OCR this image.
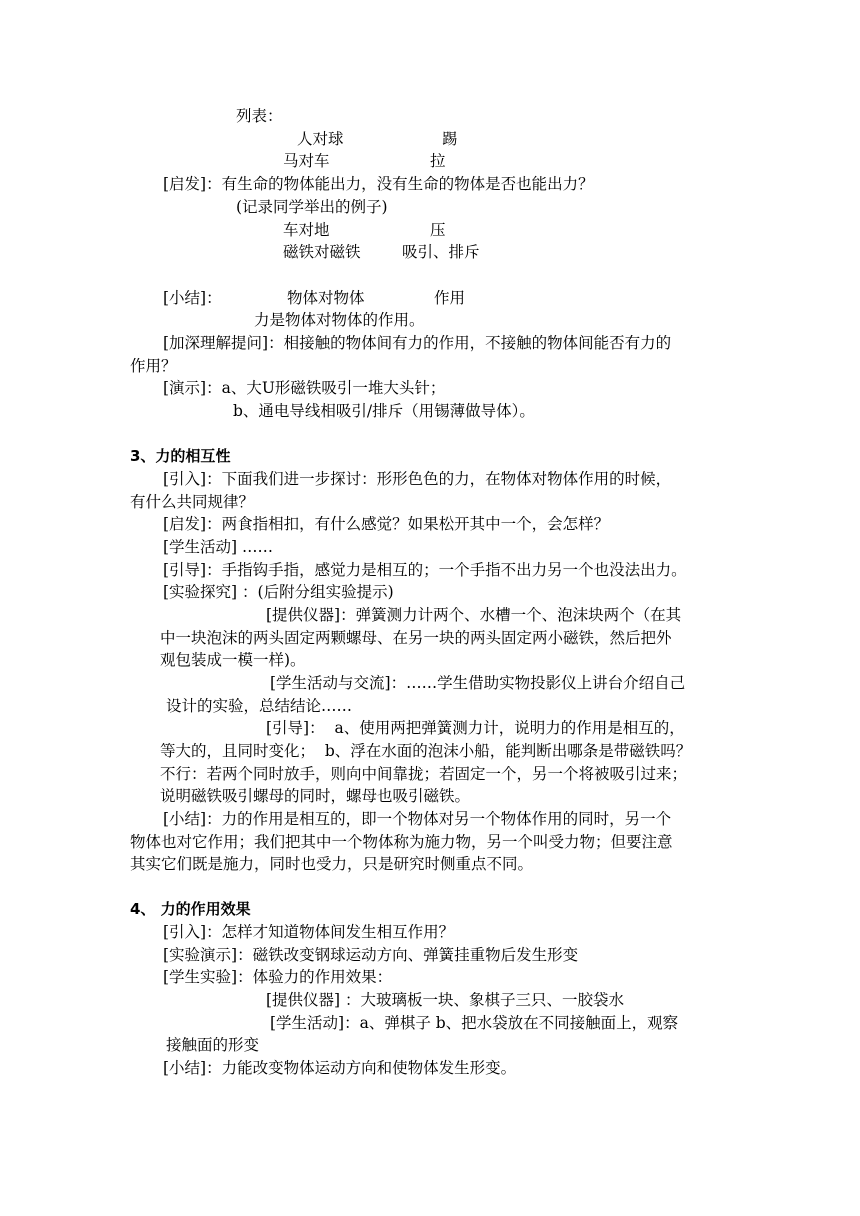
列表：
人对球	踢
马对车	拉
[启发]：有生命的物体能出力，没有生命的物体是否也能出力？
(记录同学举出的例子)
车对地	压
磁铁对磁铁	吸引、排斥
[小结]：	物体对物体	作用
力是物体对物体的作用。
[加深理解提问]：相接触的物体间有力的作用，不接触的物体间能否有力的
作用？
[演示]：a、大U形磁铁吸引一堆大头针；
b、通电导线相吸引/排斥（用锡薄做导体）。
3、力的相互性
[引入]：下面我们进一步探讨：形形色色的力，在物体对物体作用的时候，
有什么共同规律？
[启发]：两食指相扣，有什么感觉？如果松开其中一个，会怎样？
[学生活动] ……
[引导]：手指钩手指，感觉力是相互的；一个手指不出力另一个也没法出力。
[实验探究] ：(后附分组实验提示)
[提供仪器]：弹簧测力计两个、水槽一个、泡沫块两个（在其
中一块泡沫的两头固定两颗螺母、在另一块的两头固定两小磁铁，然后把外
观包装成一模一样)。
[学生活动与交流]：……学生借助实物投影仪上讲台介绍自己
设计的实验，总结结论……
[引导]：  a、使用两把弹簧测力计，说明力的作用是相互的，
等大的，且同时变化；  b、浮在水面的泡沫小船，能判断出哪条是带磁铁吗？
不行：若两个同时放手，则向中间靠拢；若固定一个，另一个将被吸引过来；
说明磁铁吸引螺母的同时，螺母也吸引磁铁。
[小结]：力的作用是相互的，即一个物体对另一个物体作用的同时，另一个
物体也对它作用；我们把其中一个物体称为施力物，另一个叫受力物；但要注意
其实它们既是施力，同时也受力，只是研究时侧重点不同。
4、 力的作用效果
[引入]：怎样才知道物体间发生相互作用？
[实验演示]：磁铁改变钢球运动方向、弹簧挂重物后发生形变
[学生实验]：体验力的作用效果：
[提供仪器] ：大玻璃板一块、象棋子三只、一胶袋水
[学生活动]：a、弹棋子 b、把水袋放在不同接触面上，观察
接触面的形变
[小结]：力能改变物体运动方向和使物体发生形变。
